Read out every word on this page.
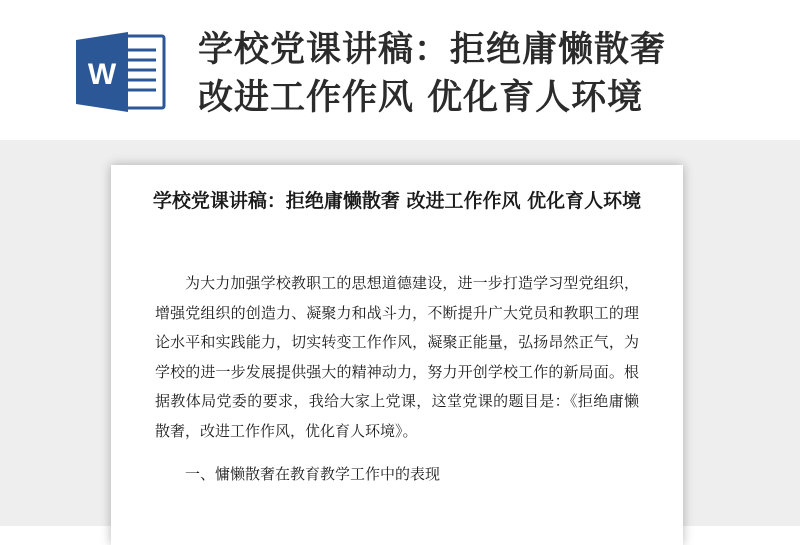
W
学校党课讲稿：拒绝庸懒散奢
改进工作作风 优化育人环境
学校党课讲稿：拒绝庸懒散奢 改进工作作风 优化育人环境

为大力加强学校教职工的思想道德建设，进一步打造学习型党组织，增强党组织的创造力、凝聚力和战斗力，不断提升广大党员和教职工的理论水平和实践能力，切实转变工作作风，凝聚正能量，弘扬昂然正气，为学校的进一步发展提供强大的精神动力，努力开创学校工作的新局面。根据教体局党委的要求，我给大家上党课，这堂党课的题目是：《拒绝庸懒散奢，改进工作作风，优化育人环境》。

一、慵懒散奢在教育教学工作中的表现
